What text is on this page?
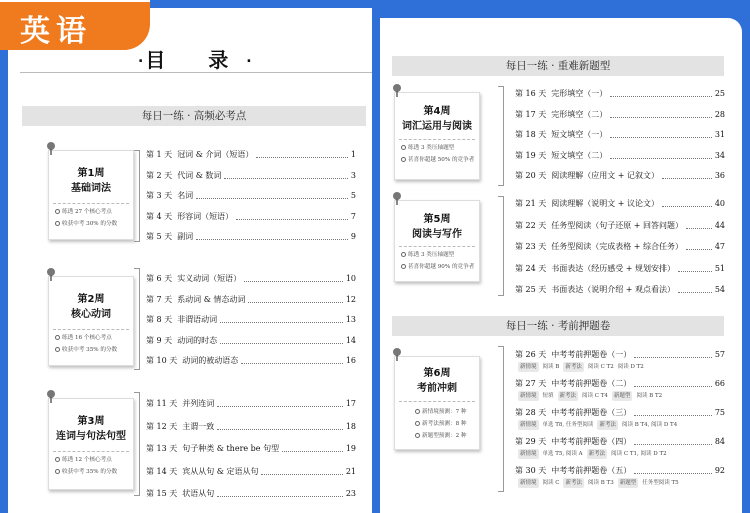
英语
·目 录·
每日一练 · 高频必考点
第1周
基础词法
练透 27 个核心考点
收获中考 30% 的分数
第2周
核心动词
练透 16 个核心考点
收获中考 35% 的分数
第3周
连词与句法句型
练透 12 个核心考点
收获中考 35% 的分数
第 1 天 冠词 & 介词（短语）	1
第 2 天 代词 & 数词	3
第 3 天 名词	5
第 4 天 形容词（短语）	7
第 5 天 副词	9
第 6 天 实义动词（短语）	10
第 7 天 系动词 & 情态动词	12
第 8 天 非谓语动词	13
第 9 天 动词的时态	14
第 10 天 动词的被动语态	16
第 11 天 并列连词	17
第 12 天 主谓一致	18
第 13 天 句子种类 & there be 句型	19
第 14 天 宾从从句 & 定语从句	21
第 15 天 状语从句	23
每日一练 · 重难新题型
每日一练 · 考前押题卷
第4周
词汇运用与阅读
练透 3 类压轴题型
甚喜你超越 50% 的竞争者
第5周
阅读与写作
练透 3 类压轴题型
甚喜你超越 90% 的竞争者
第6周
考前冲刺
新情境预测：7 种
新考法预测：8 种
新题型预测：2 种
第 16 天 完形填空（一）	25
第 17 天 完形填空（二）	28
第 18 天 短文填空（一）	31
第 19 天 短文填空（二）	34
第 20 天 阅读理解（应用文 + 记叙文）	36
第 21 天 阅读理解（说明文 + 议论文）	40
第 22 天 任务型阅读（句子还原 + 回答问题）	44
第 23 天 任务型阅读（完成表格 + 综合任务）	47
第 24 天 书面表达（经历感受 + 规划安排）	51
第 25 天 书面表达（说明介绍 + 观点看法）	54
第 26 天 中考考前押题卷（一）	57
新情境 阅读 B 新考法 阅读 C T2 阅读 D T2
第 27 天 中考考前押题卷（二）	66
新情境 短填 新考法 阅读 C T4 新题型 阅读 B T2
第 28 天 中考考前押题卷（三）	75
新情境 单选 T8, 任务型阅读 新考法 阅读 B T4, 阅读 D T4
第 29 天 中考考前押题卷（四）	84
新情境 单选 T5, 阅读 A 新考法 阅读 C T1, 阅读 D T2
第 30 天 中考考前押题卷（五）	92
新情境 阅读 C 新考法 阅读 B T3 新题型 任务型阅读 T5
